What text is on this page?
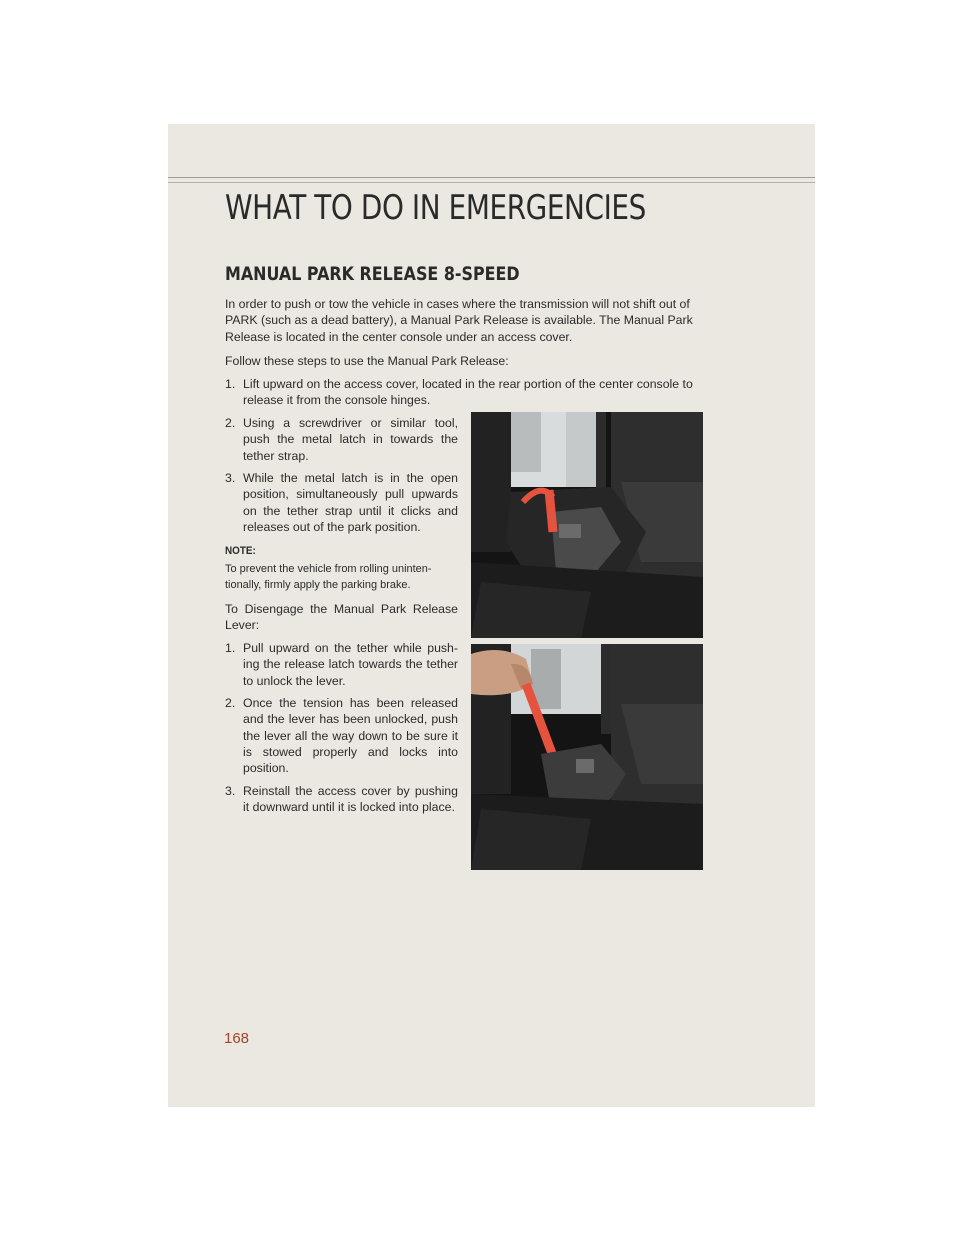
WHAT TO DO IN EMERGENCIES
MANUAL PARK RELEASE 8-SPEED

In order to push or tow the vehicle in cases where the transmission will not shift out of PARK (such as a dead battery), a Manual Park Release is available. The Manual Park Release is located in the center console under an access cover.

Follow these steps to use the Manual Park Release:

1. Lift upward on the access cover, located in the rear portion of the center console to release it from the console hinges.
2. Using a screwdriver or similar tool, push the metal latch in towards the tether strap.
3. While the metal latch is in the open position, simultaneously pull upwards on the tether strap until it clicks and releases out of the park position.
NOTE:
To prevent the vehicle from rolling uninten-tionally, firmly apply the parking brake.

To Disengage the Manual Park Release Lever:

1. Pull upward on the tether while push-ing the release latch towards the tether to unlock the lever.
2. Once the tension has been released and the lever has been unlocked, push the lever all the way down to be sure it is stowed properly and locks into position.
3. Reinstall the access cover by pushing it downward until it is locked into place.
168
